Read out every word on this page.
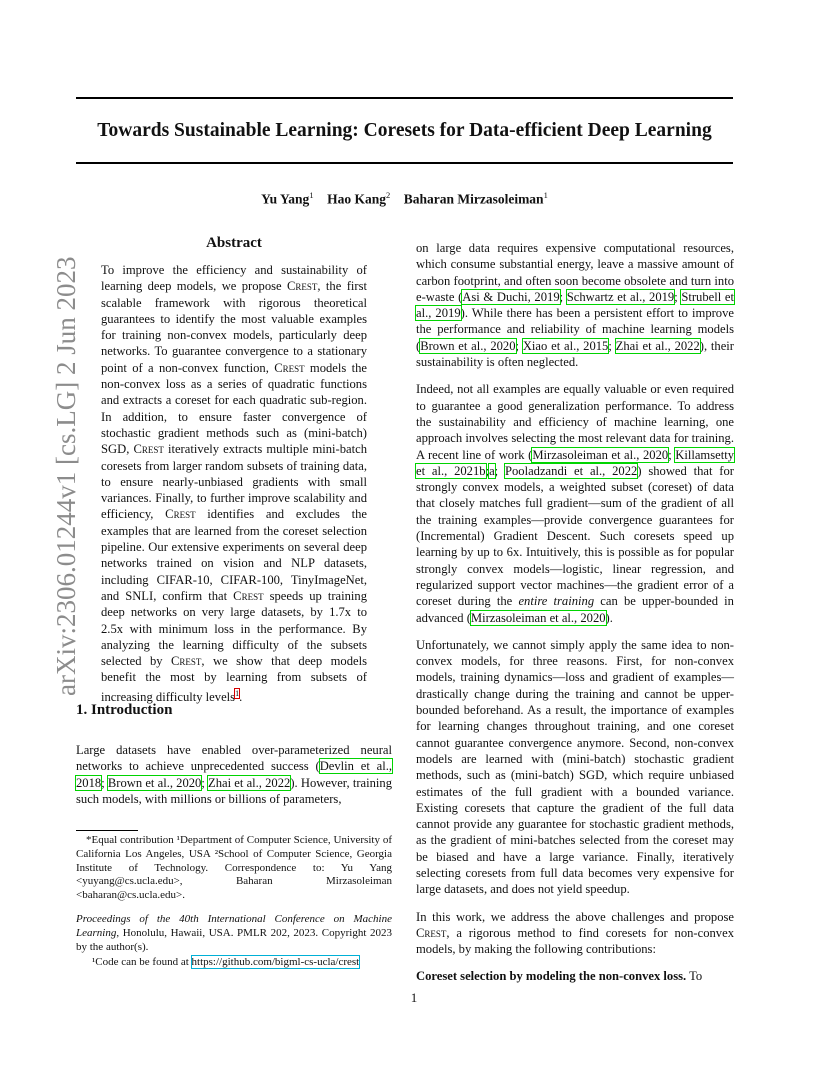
Towards Sustainable Learning: Coresets for Data-efficient Deep Learning
Yu Yang$^1$ Hao Kang$^2$ Baharan Mirzasoleiman$^1$
arXiv:2306.01244v1 [cs.LG] 2 Jun 2023
Abstract

To improve the efficiency and sustainability of learning deep models, we propose Crest, the first scalable framework with rigorous theoretical guarantees to identify the most valuable examples for training non-convex models, particularly deep networks. To guarantee convergence to a stationary point of a non-convex function, Crest models the non-convex loss as a series of quadratic functions and extracts a coreset for each quadratic sub-region. In addition, to ensure faster convergence of stochastic gradient methods such as (mini-batch) SGD, Crest iteratively extracts multiple mini-batch coresets from larger random subsets of training data, to ensure nearly-unbiased gradients with small variances. Finally, to further improve scalability and efficiency, Crest identifies and excludes the examples that are learned from the coreset selection pipeline. Our extensive experiments on several deep networks trained on vision and NLP datasets, including CIFAR-10, CIFAR-100, TinyImageNet, and SNLI, confirm that Crest speeds up training deep networks on very large datasets, by 1.7x to 2.5x with minimum loss in the performance. By analyzing the learning difficulty of the subsets selected by Crest, we show that deep models benefit the most by learning from subsets of increasing difficulty levels$^1$.

1. Introduction

Large datasets have enabled over-parameterized neural networks to achieve unprecedented success (Devlin et al., 2018; Brown et al., 2020; Zhai et al., 2022). However, training such models, with millions or billions of parameters,

*Equal contribution ¹Department of Computer Science, University of California Los Angeles, USA ²School of Computer Science, Georgia Institute of Technology. Correspondence to: Yu Yang <yuyang@cs.ucla.edu>, Baharan Mirzasoleiman <baharan@cs.ucla.edu>.

Proceedings of the 40th International Conference on Machine Learning, Honolulu, Hawaii, USA. PMLR 202, 2023. Copyright 2023 by the author(s).

¹Code can be found at https://github.com/bigml-cs-ucla/crest

on large data requires expensive computational resources, which consume substantial energy, leave a massive amount of carbon footprint, and often soon become obsolete and turn into e-waste (Asi & Duchi, 2019; Schwartz et al., 2019; Strubell et al., 2019). While there has been a persistent effort to improve the performance and reliability of machine learning models (Brown et al., 2020; Xiao et al., 2015; Zhai et al., 2022), their sustainability is often neglected.

Indeed, not all examples are equally valuable or even required to guarantee a good generalization performance. To address the sustainability and efficiency of machine learning, one approach involves selecting the most relevant data for training. A recent line of work (Mirzasoleiman et al., 2020; Killamsetty et al., 2021b;a; Pooladzandi et al., 2022) showed that for strongly convex models, a weighted subset (coreset) of data that closely matches full gradient—sum of the gradient of all the training examples—provide convergence guarantees for (Incremental) Gradient Descent. Such coresets speed up learning by up to 6x. Intuitively, this is possible as for popular strongly convex models—logistic, linear regression, and regularized support vector machines—the gradient error of a coreset during the entire training can be upper-bounded in advanced (Mirzasoleiman et al., 2020).

Unfortunately, we cannot simply apply the same idea to non-convex models, for three reasons. First, for non-convex models, training dynamics—loss and gradient of examples—drastically change during the training and cannot be upper-bounded beforehand. As a result, the importance of examples for learning changes throughout training, and one coreset cannot guarantee convergence anymore. Second, non-convex models are learned with (mini-batch) stochastic gradient methods, such as (mini-batch) SGD, which require unbiased estimates of the full gradient with a bounded variance. Existing coresets that capture the gradient of the full data cannot provide any guarantee for stochastic gradient methods, as the gradient of mini-batches selected from the coreset may be biased and have a large variance. Finally, iteratively selecting coresets from full data becomes very expensive for large datasets, and does not yield speedup.

In this work, we address the above challenges and propose Crest, a rigorous method to find coresets for non-convex models, by making the following contributions:

Coreset selection by modeling the non-convex loss. To

1
